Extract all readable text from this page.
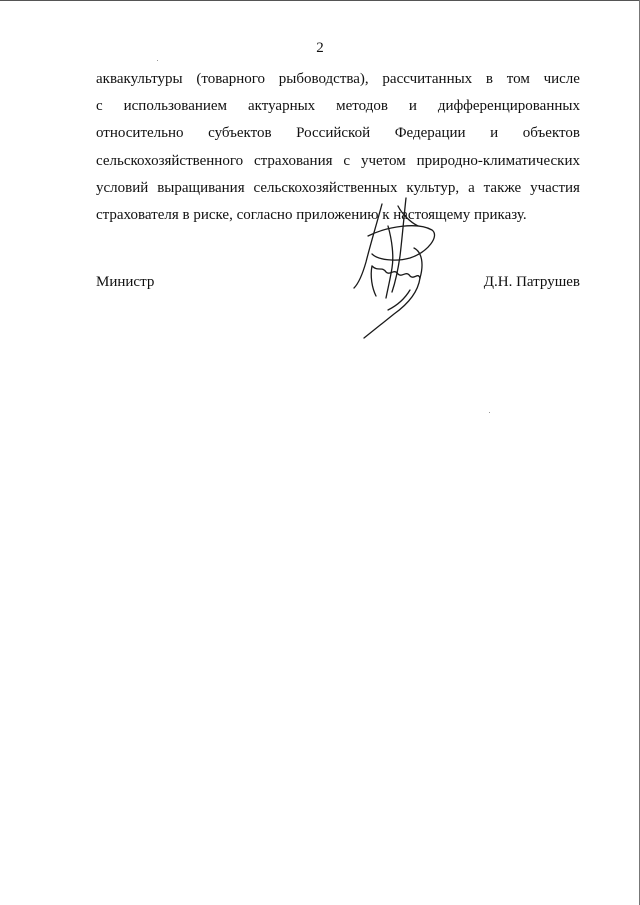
2
аквакультуры (товарного рыбоводства), рассчитанных в том числе
с использованием актуарных методов и дифференцированных
относительно субъектов Российской Федерации и объектов
сельскохозяйственного страхования с учетом природно-климатических
условий выращивания сельскохозяйственных культур, а также участия
страхователя в риске, согласно приложению к настоящему приказу.
Министр	Д.Н. Патрушев
